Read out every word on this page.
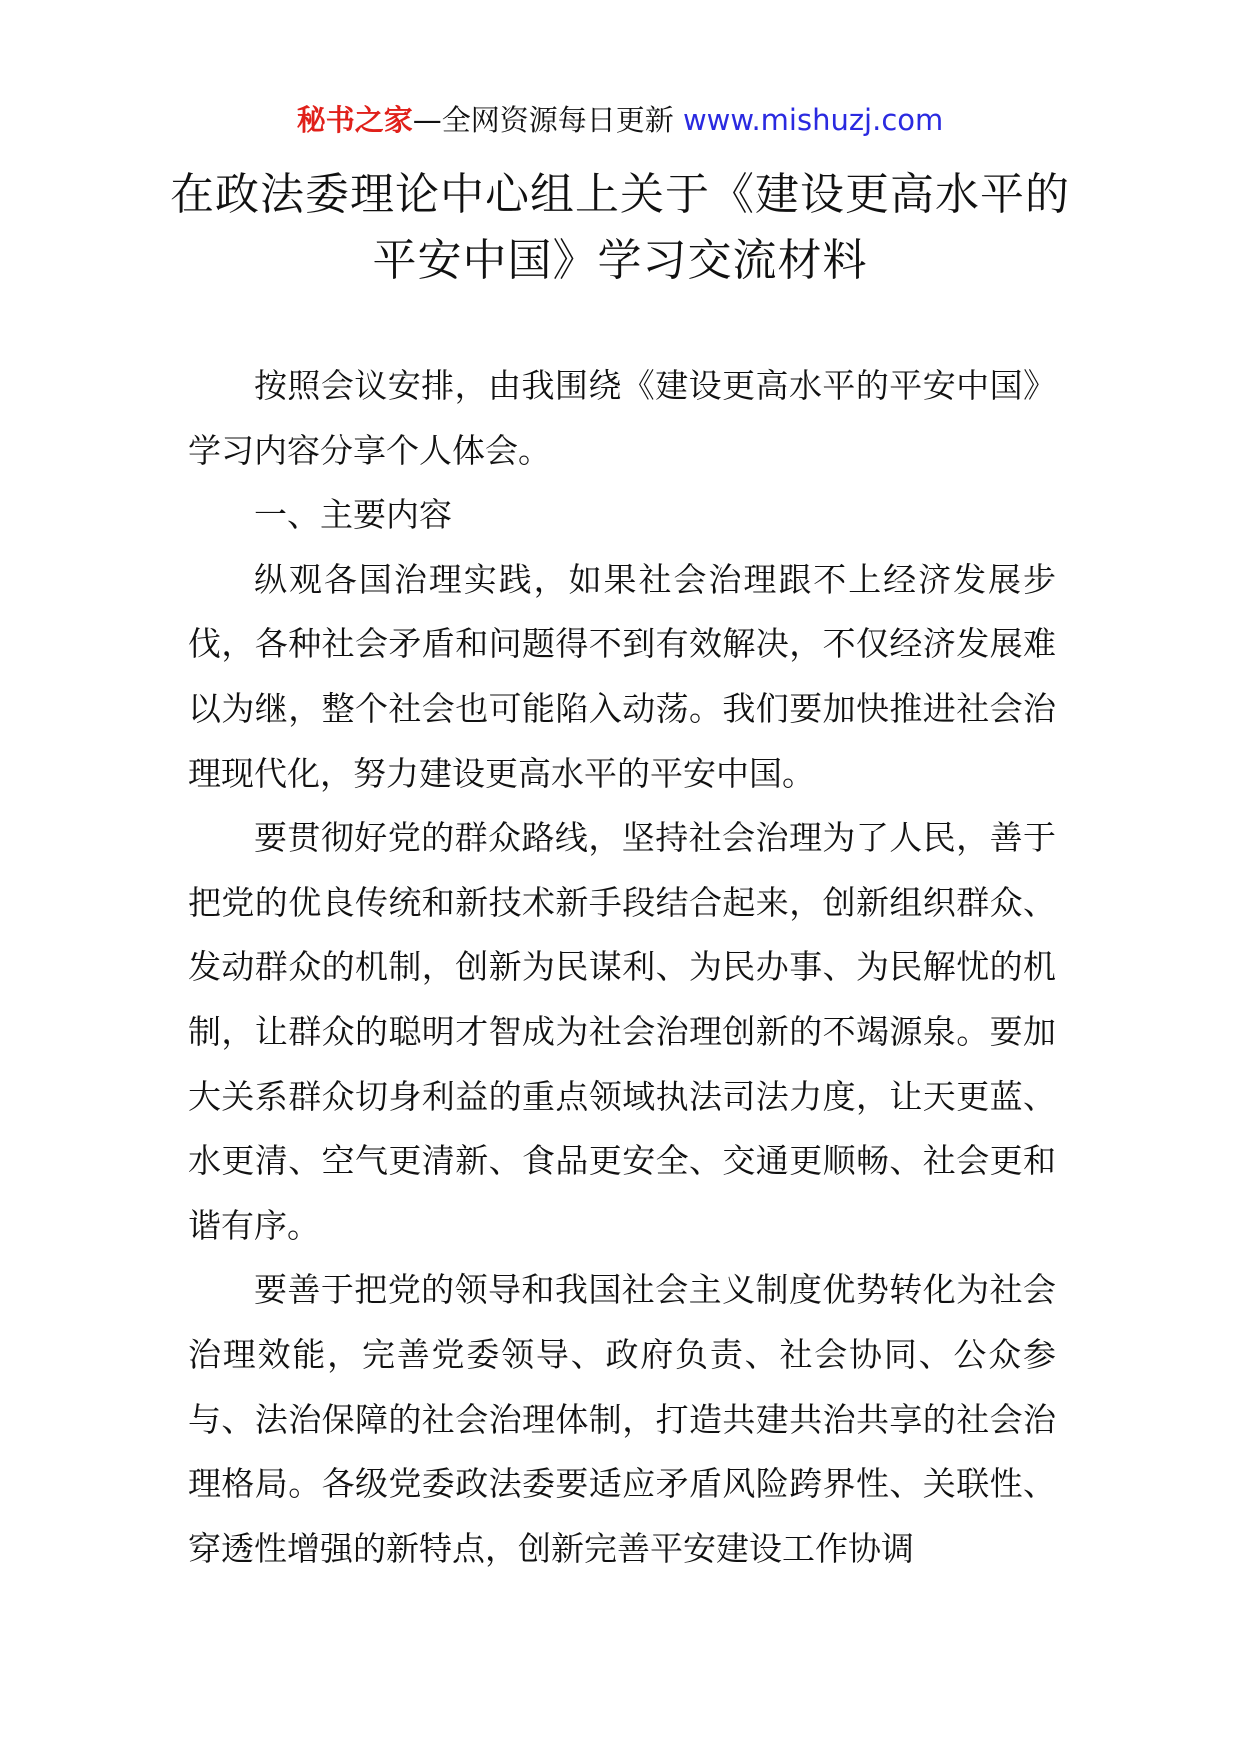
秘书之家—全网资源每日更新 www.mishuzj.com
在政法委理论中心组上关于《建设更高水平的平安中国》学习交流材料

按照会议安排，由我围绕《建设更高水平的平安中国》学习内容分享个人体会。

一、主要内容

纵观各国治理实践，如果社会治理跟不上经济发展步伐，各种社会矛盾和问题得不到有效解决，不仅经济发展难以为继，整个社会也可能陷入动荡。我们要加快推进社会治理现代化，努力建设更高水平的平安中国。

要贯彻好党的群众路线，坚持社会治理为了人民，善于把党的优良传统和新技术新手段结合起来，创新组织群众、发动群众的机制，创新为民谋利、为民办事、为民解忧的机制，让群众的聪明才智成为社会治理创新的不竭源泉。要加大关系群众切身利益的重点领域执法司法力度，让天更蓝、水更清、空气更清新、食品更安全、交通更顺畅、社会更和谐有序。

要善于把党的领导和我国社会主义制度优势转化为社会治理效能，完善党委领导、政府负责、社会协同、公众参与、法治保障的社会治理体制，打造共建共治共享的社会治理格局。各级党委政法委要适应矛盾风险跨界性、关联性、穿透性增强的新特点，创新完善平安建设工作协调
